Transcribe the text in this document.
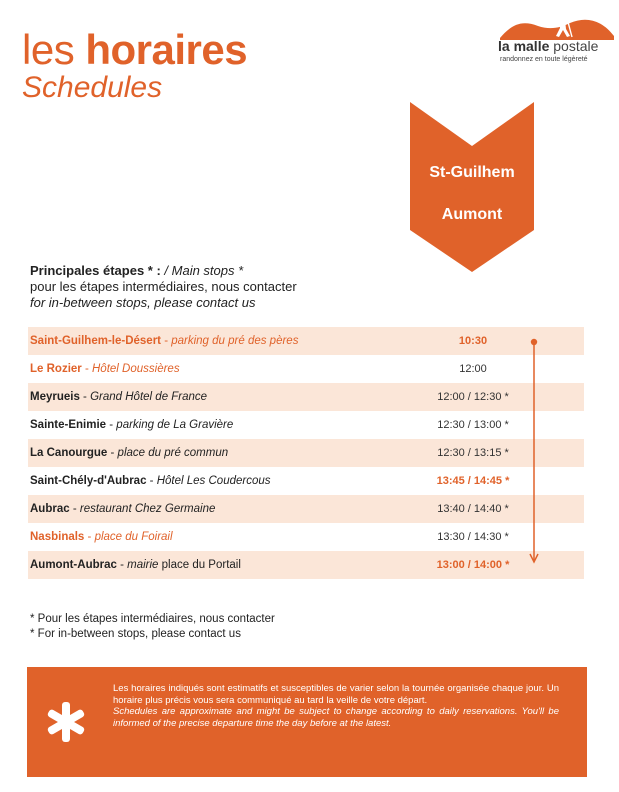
les horaires
Schedules
la malle postale
randonnez en toute légèreté
St-Guilhem
Aumont
Principales étapes * : / Main stops *
pour les étapes intermédiaires, nous contacter
for in-between stops, please contact us
Saint-Guilhem-le-Désert - parking du pré des pères	10:30
Le Rozier - Hôtel Doussières	12:00
Meyrueis - Grand Hôtel de France	12:00 / 12:30 *
Sainte-Enimie - parking de La Gravière	12:30 / 13:00 *
La Canourgue - place du pré commun	12:30 / 13:15 *
Saint-Chély-d'Aubrac - Hôtel Les Coudercous	13:45 / 14:45 *
Aubrac - restaurant Chez Germaine	13:40 / 14:40 *
Nasbinals - place du Foirail	13:30 / 14:30 *
Aumont-Aubrac - mairie place du Portail	13:00 / 14:00 *
* Pour les étapes intermédiaires, nous contacter
* For in-between stops, please contact us
Les horaires indiqués sont estimatifs et susceptibles de varier selon la tournée organisée chaque jour. Un horaire plus précis vous sera communiqué au tard la veille de votre départ.
Schedules are approximate and might be subject to change according to daily reservations. You'll be informed of the precise departure time the day before at the latest.
